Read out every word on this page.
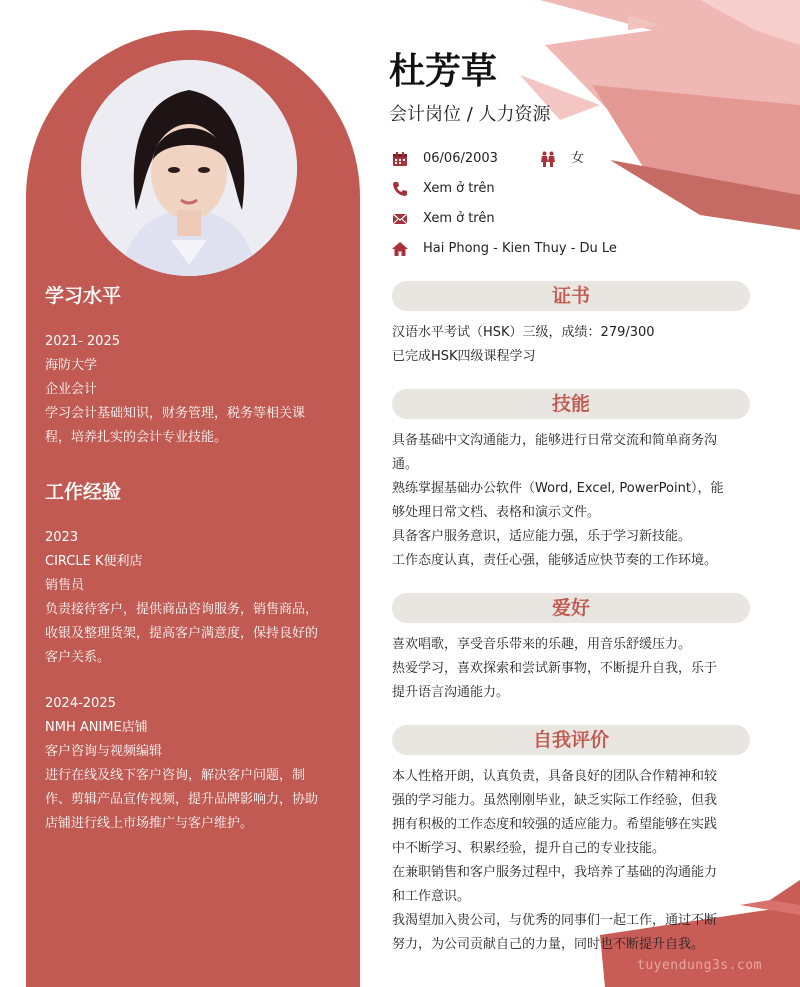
学习水平
2021- 2025
海防大学
企业会计
学习会计基础知识，财务管理，税务等相关课
程，培养扎实的会计专业技能。
工作经验
2023
CIRCLE K便利店
销售员
负责接待客户，提供商品咨询服务，销售商品，
收银及整理货架，提高客户满意度，保持良好的
客户关系。
2024-2025
NMH ANIME店铺
客户咨询与视频编辑
进行在线及线下客户咨询，解决客户问题，制
作、剪辑产品宣传视频，提升品牌影响力，协助
店铺进行线上市场推广与客户维护。
杜芳草
会计岗位 / 人力资源
06/06/2003	女
Xem ở trên
Xem ở trên
Hai Phong - Kien Thuy - Du Le
证书
汉语水平考试（HSK）三级，成绩：279/300
已完成HSK四级课程学习
技能
具备基础中文沟通能力，能够进行日常交流和简单商务沟
通。
熟练掌握基础办公软件（Word, Excel, PowerPoint），能
够处理日常文档、表格和演示文件。
具备客户服务意识，适应能力强，乐于学习新技能。
工作态度认真，责任心强，能够适应快节奏的工作环境。
爱好
喜欢唱歌，享受音乐带来的乐趣，用音乐舒缓压力。
热爱学习，喜欢探索和尝试新事物，不断提升自我，乐于
提升语言沟通能力。
自我评价
本人性格开朗，认真负责，具备良好的团队合作精神和较
强的学习能力。虽然刚刚毕业，缺乏实际工作经验，但我
拥有积极的工作态度和较强的适应能力。希望能够在实践
中不断学习、积累经验，提升自己的专业技能。
在兼职销售和客户服务过程中，我培养了基础的沟通能力
和工作意识。
我渴望加入贵公司，与优秀的同事们一起工作，通过不断
努力，为公司贡献自己的力量，同时也不断提升自我。
tuyendung3s.com
